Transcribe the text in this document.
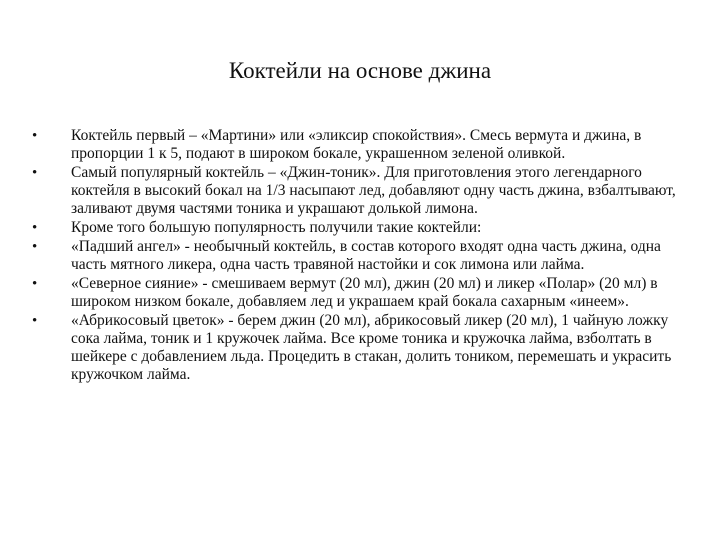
Коктейли на основе джина
•	Коктейль первый – «Мартини» или «эликсир спокойствия». Смесь вермута и джина, в пропорции 1 к 5, подают в широком бокале, украшенном зеленой оливкой.
•	Самый популярный коктейль – «Джин-тоник». Для приготовления этого легендарного коктейля в высокий бокал на 1/3 насыпают лед, добавляют одну часть джина, взбалтывают, заливают двумя частями тоника и украшают долькой лимона.
•	Кроме того большую популярность получили такие коктейли:
•	«Падший ангел» - необычный коктейль, в состав которого входят одна часть джина, одна часть мятного ликера, одна часть травяной настойки и сок лимона или лайма.
•	«Северное сияние» - смешиваем вермут (20 мл), джин (20 мл) и ликер «Полар» (20 мл) в широком низком бокале, добавляем лед и украшаем край бокала сахарным «инеем».
•	«Абрикосовый цветок» - берем джин (20 мл), абрикосовый ликер (20 мл), 1 чайную ложку сока лайма, тоник и 1 кружочек лайма. Все кроме тоника и кружочка лайма, взболтать в шейкере с добавлением льда. Процедить в стакан, долить тоником, перемешать и украсить кружочком лайма.
